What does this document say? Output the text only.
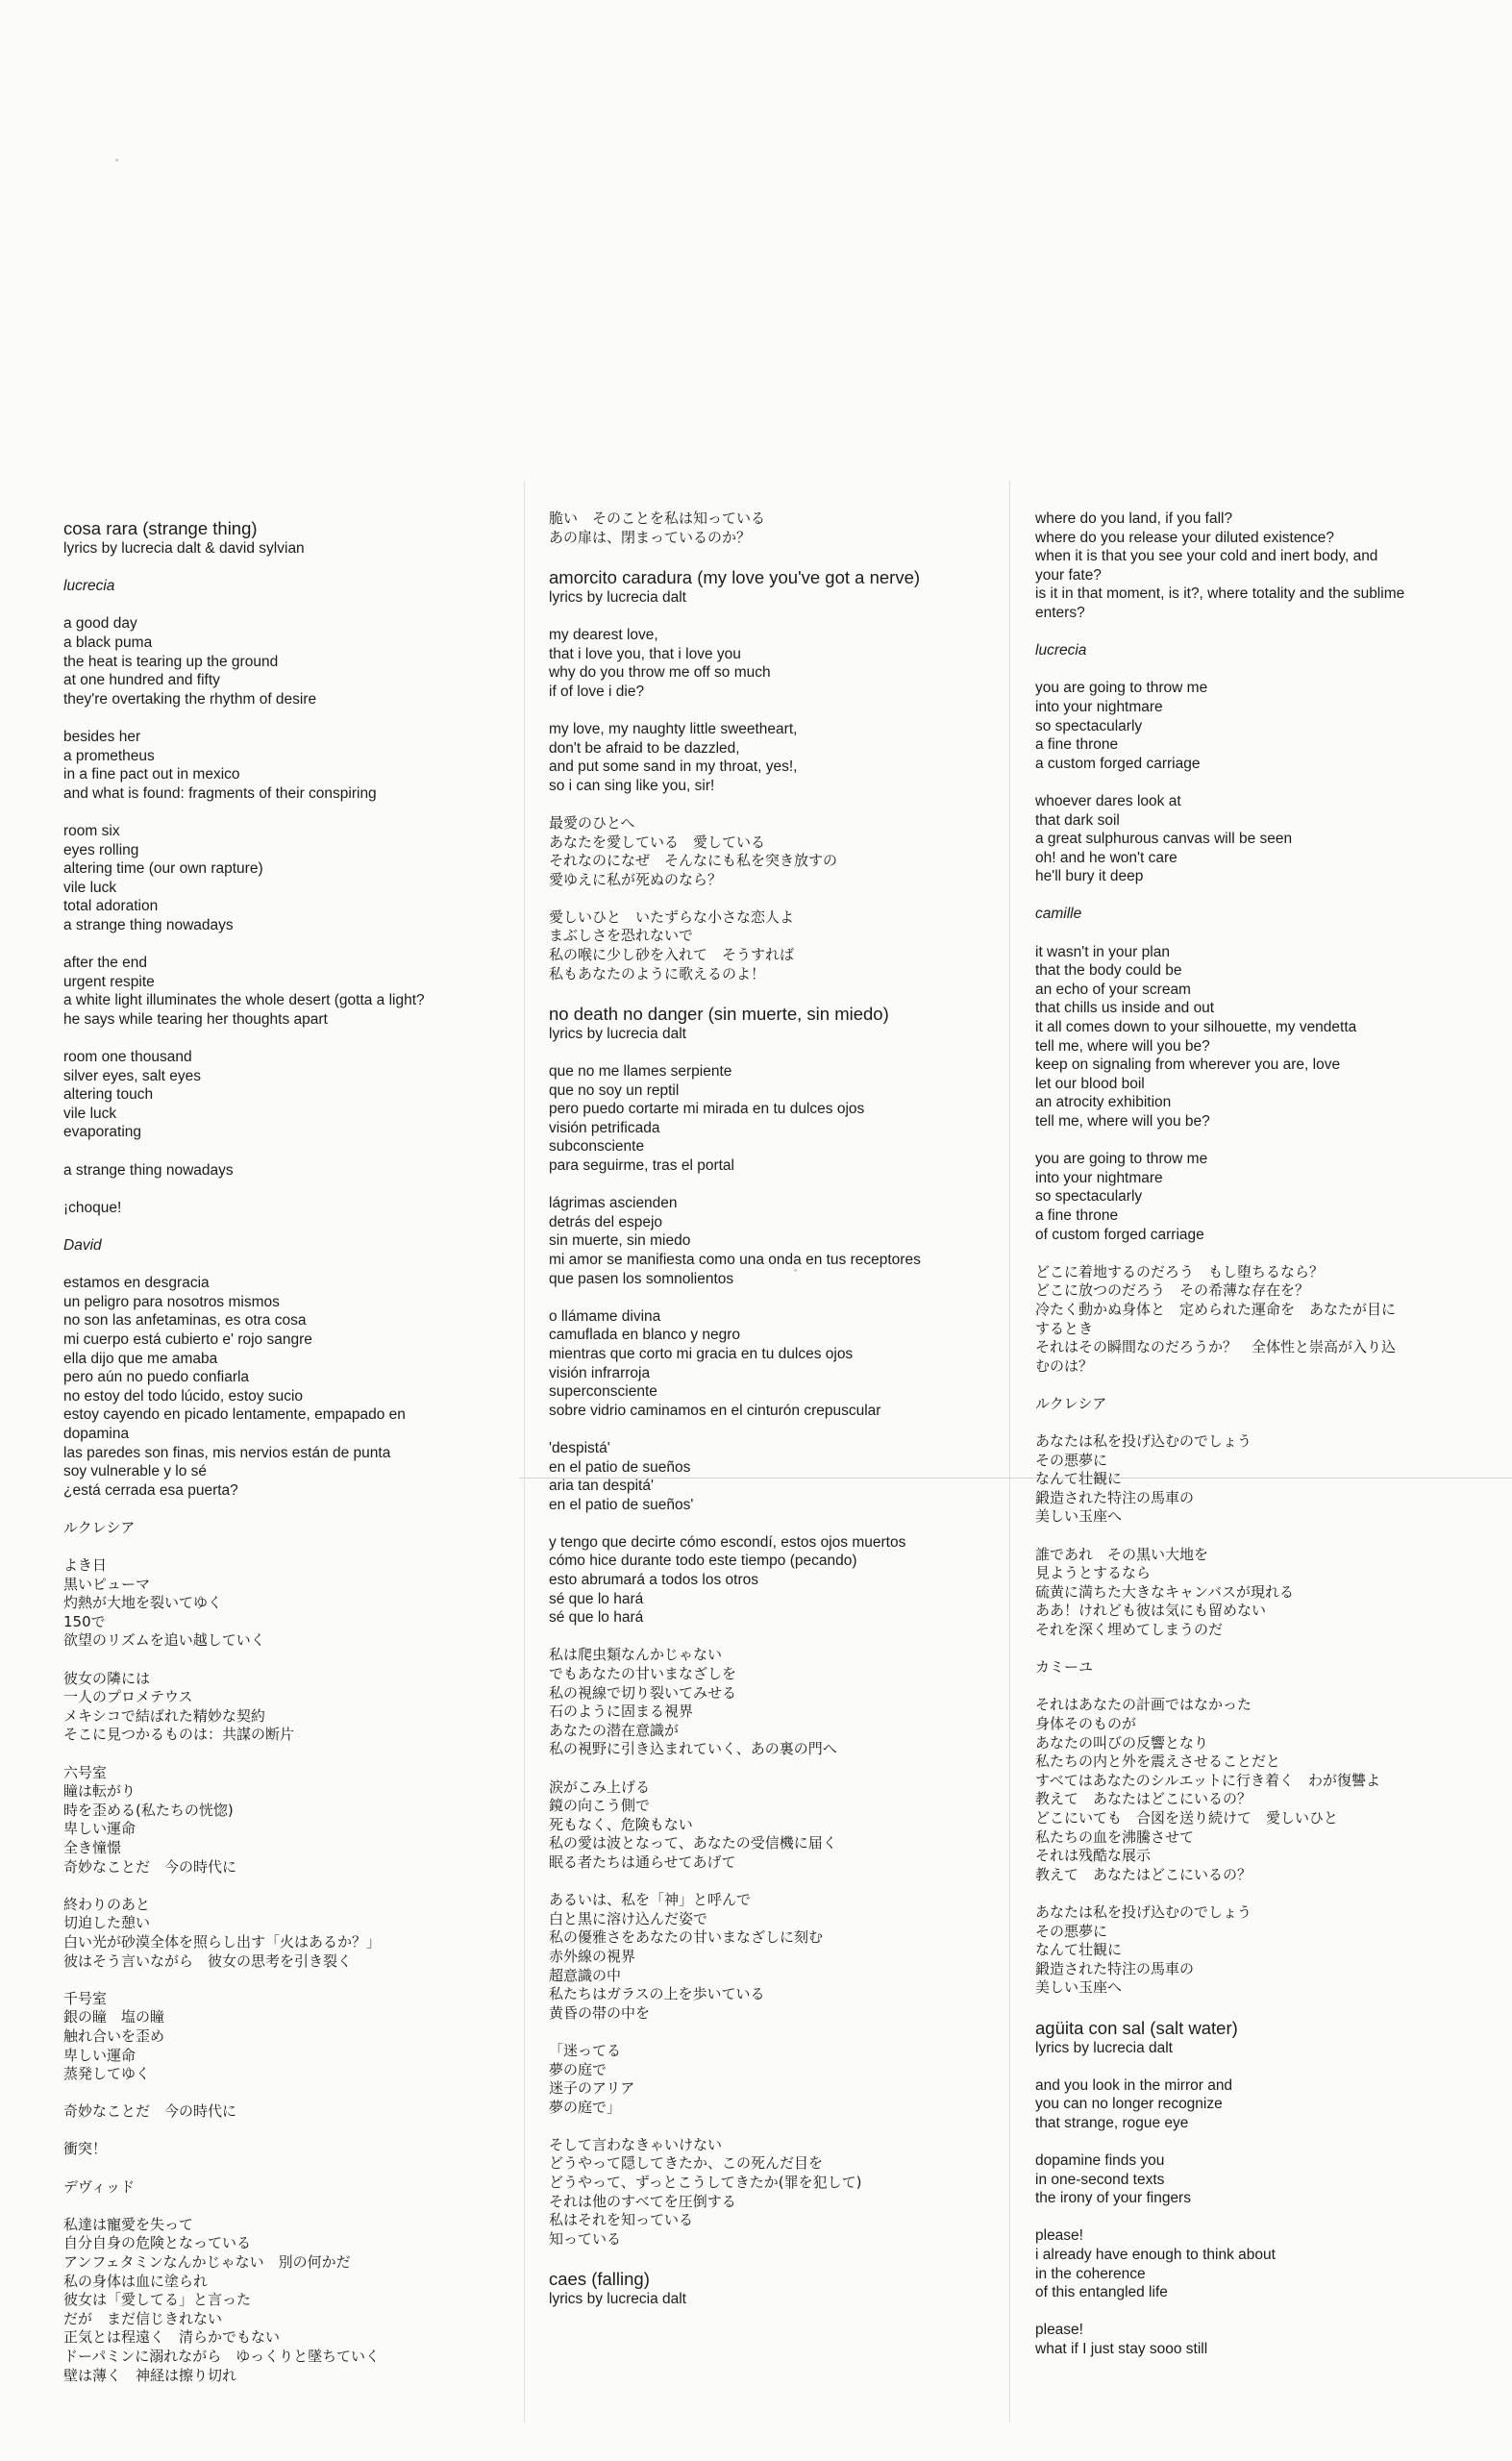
cosa rara (strange thing)
lyrics by lucrecia dalt & david sylvian
lucrecia
a good day
a black puma
the heat is tearing up the ground
at one hundred and fifty
they're overtaking the rhythm of desire
besides her
a prometheus
in a fine pact out in mexico
and what is found: fragments of their conspiring
room six
eyes rolling
altering time (our own rapture)
vile luck
total adoration
a strange thing nowadays
after the end
urgent respite
a white light illuminates the whole desert (gotta a light?
he says while tearing her thoughts apart
room one thousand
silver eyes, salt eyes
altering touch
vile luck
evaporating
a strange thing nowadays
¡choque!
David
estamos en desgracia
un peligro para nosotros mismos
no son las anfetaminas, es otra cosa
mi cuerpo está cubierto e' rojo sangre
ella dijo que me amaba
pero aún no puedo confiarla
no estoy del todo lúcido, estoy sucio
estoy cayendo en picado lentamente, empapado en
dopamina
las paredes son finas, mis nervios están de punta
soy vulnerable y lo sé
¿está cerrada esa puerta?
ルクレシア
よき日
黒いピューマ
灼熱が大地を裂いてゆく
150で
欲望のリズムを追い越していく
彼女の隣には
一人のプロメテウス
メキシコで結ばれた精妙な契約
そこに見つかるものは：共謀の断片
六号室
瞳は転がり
時を歪める(私たちの恍惚)
卑しい運命
全き憧憬
奇妙なことだ　今の時代に
終わりのあと
切迫した憩い
白い光が砂漠全体を照らし出す「火はあるか？」
彼はそう言いながら　彼女の思考を引き裂く
千号室
銀の瞳　塩の瞳
触れ合いを歪め
卑しい運命
蒸発してゆく
奇妙なことだ　今の時代に
衝突！
デヴィッド
私達は寵愛を失って
自分自身の危険となっている
アンフェタミンなんかじゃない　別の何かだ
私の身体は血に塗られ
彼女は「愛してる」と言った
だが　まだ信じきれない
正気とは程遠く　清らかでもない
ドーパミンに溺れながら　ゆっくりと墜ちていく
壁は薄く　神経は擦り切れ
脆い　そのことを私は知っている
あの扉は、閉まっているのか？
amorcito caradura (my love you've got a nerve)
lyrics by lucrecia dalt
my dearest love,
that i love you, that i love you
why do you throw me off so much
if of love i die?
my love, my naughty little sweetheart,
don't be afraid to be dazzled,
and put some sand in my throat, yes!,
so i can sing like you, sir!
最愛のひとへ
あなたを愛している　愛している
それなのになぜ　そんなにも私を突き放すの
愛ゆえに私が死ぬのなら？
愛しいひと　いたずらな小さな恋人よ
まぶしさを恐れないで
私の喉に少し砂を入れて　そうすれば
私もあなたのように歌えるのよ！
no death no danger (sin muerte, sin miedo)
lyrics by lucrecia dalt
que no me llames serpiente
que no soy un reptil
pero puedo cortarte mi mirada en tu dulces ojos
visión petrificada
subconsciente
para seguirme, tras el portal
lágrimas ascienden
detrás del espejo
sin muerte, sin miedo
mi amor se manifiesta como una onda en tus receptores
que pasen los somnolientos
o llámame divina
camuflada en blanco y negro
mientras que corto mi gracia en tu dulces ojos
visión infrarroja
superconsciente
sobre vidrio caminamos en el cinturón crepuscular
'despistá'
en el patio de sueños
aria tan despitá'
en el patio de sueños'
y tengo que decirte cómo escondí, estos ojos muertos
cómo hice durante todo este tiempo (pecando)
esto abrumará a todos los otros
sé que lo hará
sé que lo hará
私は爬虫類なんかじゃない
でもあなたの甘いまなざしを
私の視線で切り裂いてみせる
石のように固まる視界
あなたの潜在意識が
私の視野に引き込まれていく、あの裏の門へ
涙がこみ上げる
鏡の向こう側で
死もなく、危険もない
私の愛は波となって、あなたの受信機に届く
眠る者たちは通らせてあげて
あるいは、私を「神」と呼んで
白と黒に溶け込んだ姿で
私の優雅さをあなたの甘いまなざしに刻む
赤外線の視界
超意識の中
私たちはガラスの上を歩いている
黄昏の帯の中を
「迷ってる
夢の庭で
迷子のアリア
夢の庭で」
そして言わなきゃいけない
どうやって隠してきたか、この死んだ目を
どうやって、ずっとこうしてきたか(罪を犯して)
それは他のすべてを圧倒する
私はそれを知っている
知っている
caes (falling)
lyrics by lucrecia dalt
where do you land, if you fall?
where do you release your diluted existence?
when it is that you see your cold and inert body, and
your fate?
is it in that moment, is it?, where totality and the sublime
enters?
lucrecia
you are going to throw me
into your nightmare
so spectacularly
a fine throne
a custom forged carriage
whoever dares look at
that dark soil
a great sulphurous canvas will be seen
oh! and he won't care
he'll bury it deep
camille
it wasn't in your plan
that the body could be
an echo of your scream
that chills us inside and out
it all comes down to your silhouette, my vendetta
tell me, where will you be?
keep on signaling from wherever you are, love
let our blood boil
an atrocity exhibition
tell me, where will you be?
you are going to throw me
into your nightmare
so spectacularly
a fine throne
of custom forged carriage
どこに着地するのだろう　もし堕ちるなら？
どこに放つのだろう　その希薄な存在を？
冷たく動かぬ身体と　定められた運命を　あなたが目に
するとき
それはその瞬間なのだろうか？　全体性と崇高が入り込
むのは？
ルクレシア
あなたは私を投げ込むのでしょう
その悪夢に
なんて壮観に
鍛造された特注の馬車の
美しい玉座へ
誰であれ　その黒い大地を
見ようとするなら
硫黄に満ちた大きなキャンバスが現れる
ああ！けれども彼は気にも留めない
それを深く埋めてしまうのだ
カミーユ
それはあなたの計画ではなかった
身体そのものが
あなたの叫びの反響となり
私たちの内と外を震えさせることだと
すべてはあなたのシルエットに行き着く　わが復讐よ
教えて　あなたはどこにいるの？
どこにいても　合図を送り続けて　愛しいひと
私たちの血を沸騰させて
それは残酷な展示
教えて　あなたはどこにいるの？
あなたは私を投げ込むのでしょう
その悪夢に
なんて壮観に
鍛造された特注の馬車の
美しい玉座へ
agüita con sal (salt water)
lyrics by lucrecia dalt
and you look in the mirror and
you can no longer recognize
that strange, rogue eye
dopamine finds you
in one-second texts
the irony of your fingers
please!
i already have enough to think about
in the coherence
of this entangled life
please!
what if I just stay sooo still
